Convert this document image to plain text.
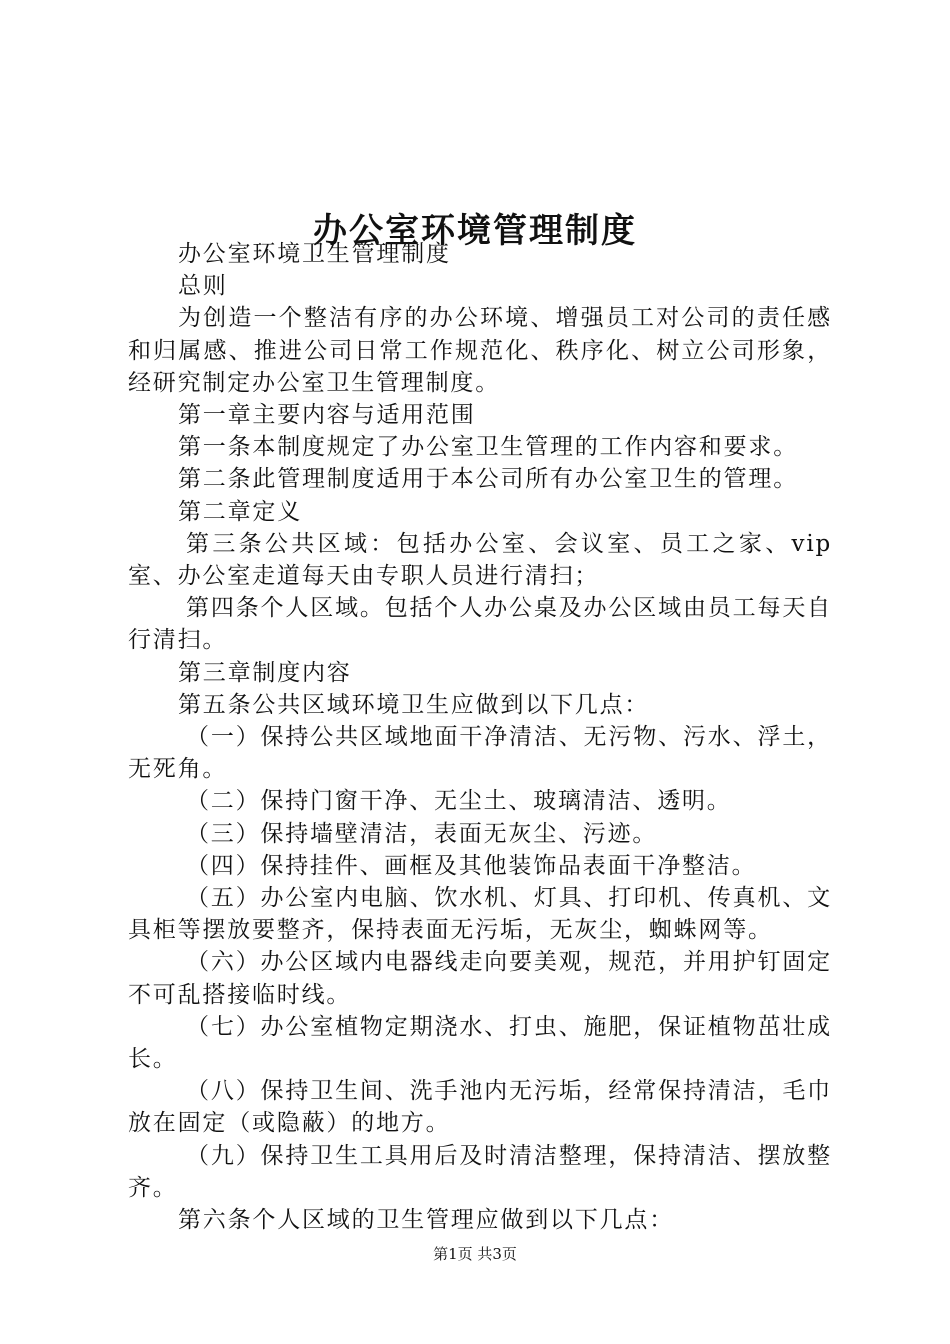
办公室环境管理制度

办公室环境卫生管理制度

总则

为创造一个整洁有序的办公环境、增强员工对公司的责任感和归属感、推进公司日常工作规范化、秩序化、树立公司形象，经研究制定办公室卫生管理制度。

第一章主要内容与适用范围

第一条本制度规定了办公室卫生管理的工作内容和要求。

第二条此管理制度适用于本公司所有办公室卫生的管理。

第二章定义

第三条公共区域：包括办公室、会议室、员工之家、vip室、办公室走道每天由专职人员进行清扫；

第四条个人区域。包括个人办公桌及办公区域由员工每天自行清扫。

第三章制度内容

第五条公共区域环境卫生应做到以下几点：

（一）保持公共区域地面干净清洁、无污物、污水、浮土，无死角。

（二）保持门窗干净、无尘土、玻璃清洁、透明。

（三）保持墙壁清洁，表面无灰尘、污迹。

（四）保持挂件、画框及其他装饰品表面干净整洁。

（五）办公室内电脑、饮水机、灯具、打印机、传真机、文具柜等摆放要整齐，保持表面无污垢，无灰尘，蜘蛛网等。

（六）办公区域内电器线走向要美观，规范，并用护钉固定不可乱搭接临时线。

（七）办公室植物定期浇水、打虫、施肥，保证植物茁壮成长。

（八）保持卫生间、洗手池内无污垢，经常保持清洁，毛巾放在固定（或隐蔽）的地方。

（九）保持卫生工具用后及时清洁整理，保持清洁、摆放整齐。

第六条个人区域的卫生管理应做到以下几点：

第1页 共3页
